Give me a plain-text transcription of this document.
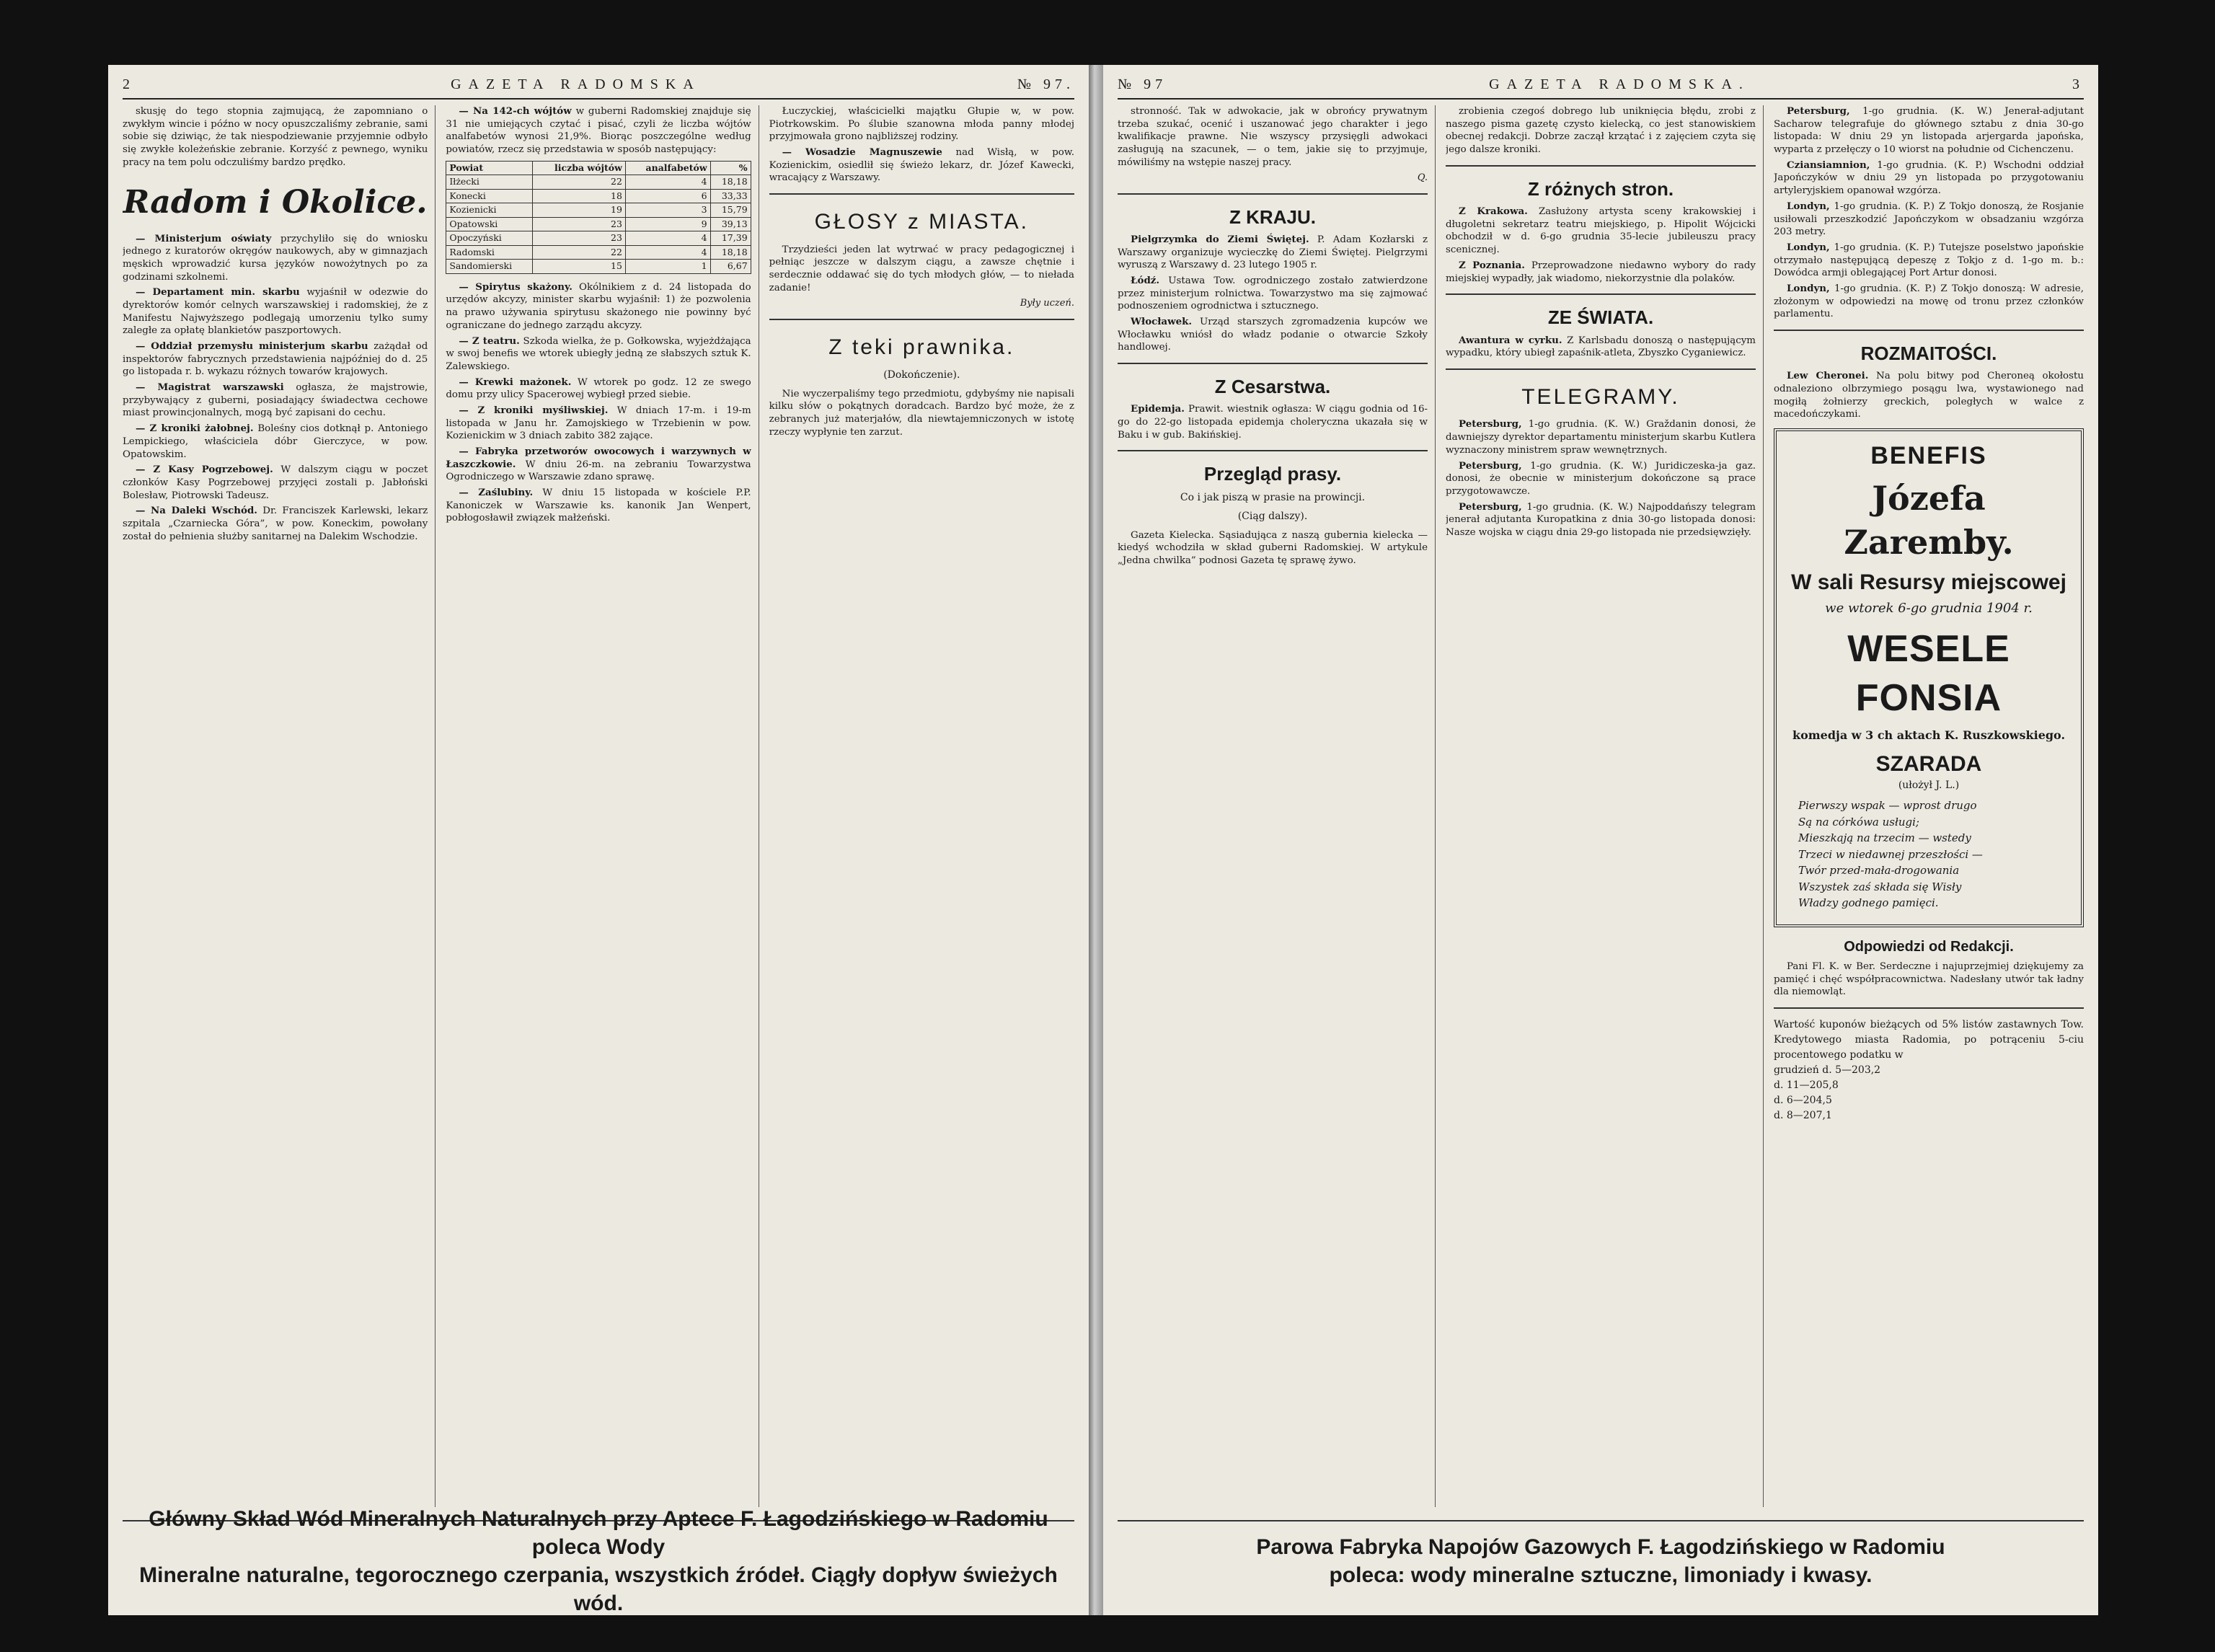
2	GAZETA RADOMSKA	№ 97.

skusję do tego stopnia zajmującą, że zapomniano o zwykłym wincie i późno w nocy opuszczaliśmy zebranie, sami sobie się dziwiąc, że tak niespodziewanie przyjemnie odbyło się zwykłe koleżeńskie zebranie. Korzyść z pewnego, wyniku pracy na tem polu odczuliśmy bardzo prędko.

Radom i Okolice.

— Ministerjum oświaty przychyliło się do wniosku jednego z kuratorów okręgów naukowych, aby w gimnazjach męskich wprowadzić kursa języków nowożytnych po za godzinami szkolnemi.

— Departament min. skarbu wyjaśnił w odezwie do dyrektorów komór celnych warszawskiej i radomskiej, że z Manifestu Najwyższego podlegają umorzeniu tylko sumy zaległe za opłatę blankietów paszportowych.

— Oddział przemysłu ministerjum skarbu zażądał od inspektorów fabrycznych przedstawienia najpóźniej do d. 25 go listopada r. b. wykazu różnych towarów krajowych.

— Magistrat warszawski ogłasza, że majstrowie, przybywający z guberni, posiadający świadectwa cechowe miast prowincjonalnych, mogą być zapisani do cechu.

— Z kroniki żałobnej. Boleśny cios dotknął p. Antoniego Lempickiego, właściciela dóbr Gierczyce, w pow. Opatowskim.

— Z Kasy Pogrzebowej. W dalszym ciągu w poczet członków Kasy Pogrzebowej przyjęci zostali p. Jabłoński Bolesław, Piotrowski Tadeusz.

— Na Daleki Wschód. Dr. Franciszek Karlewski, lekarz szpitala „Czarniecka Góra”, w pow. Koneckim, powołany został do pełnienia służby sanitarnej na Dalekim Wschodzie.

— Na 142-ch wójtów w guberni Radomskiej znajduje się 31 nie umiejących czytać i pisać, czyli że liczba wójtów analfabetów wynosi 21,9%. Biorąc poszczególne według powiatów, rzecz się przedstawia w sposób następujący:

Powiat	liczba wójtów	analfabetów	%
Iłżecki	22	4	18,18
Konecki	18	6	33,33
Kozienicki	19	3	15,79
Opatowski	23	9	39,13
Opoczyński	23	4	17,39
Radomski	22	4	18,18
Sandomierski	15	1	6,67

— Spirytus skażony. Okólnikiem z d. 24 listopada do urzędów akcyzy, minister skarbu wyjaśnił: 1) że pozwolenia na prawo używania spirytusu skażonego nie powinny być ograniczane do jednego zarządu akcyzy.

— Z teatru. Szkoda wielka, że p. Gołkowska, wyjeżdżająca w swoj benefis we wtorek ubiegły jedną ze słabszych sztuk K. Zalewskiego.

— Krewki mażonek. W wtorek po godz. 12 ze swego domu przy ulicy Spacerowej wybiegł przed siebie.

— Z kroniki myśliwskiej. W dniach 17-m. i 19-m listopada w Janu hr. Zamojskiego w Trzebienin w pow. Kozienickim w 3 dniach zabito 382 zające.

— Fabryka przetworów owocowych i warzywnych w Łaszczkowie. W dniu 26-m. na zebraniu Towarzystwa Ogrodniczego w Warszawie zdano sprawę.

— Zaślubiny. W dniu 15 listopada w kościele P.P. Kanoniczek w Warszawie ks. kanonik Jan Wenpert, pobłogosławił związek małżeński.

Łuczyckiej, właścicielki majątku Głupie w, w pow. Piotrkowskim. Po ślubie szanowna młoda panny młodej przyjmowała grono najbliższej rodziny.

— Wosadzie Magnuszewie nad Wisłą, w pow. Kozienickim, osiedlił się świeżo lekarz, dr. Józef Kawecki, wracający z Warszawy.

GŁOSY z MIASTA.

Trzydzieści jeden lat wytrwać w pracy pedagogicznej i pełniąc jeszcze w dalszym ciągu, a zawsze chętnie i serdecznie oddawać się do tych młodych głów, — to niełada zadanie!

Były uczeń.
Z teki prawnika.
(Dokończenie).

Nie wyczerpaliśmy tego przedmiotu, gdybyśmy nie napisali kilku słów o pokątnych doradcach. Bardzo być może, że z zebranych już materjałów, dla niewtajemniczonych w istotę rzeczy wypłynie ten zarzut.

Główny Skład Wód Mineralnych Naturalnych przy Aptece F. Łagodzińskiego w Radomiu poleca Wody
Mineralne naturalne, tegorocznego czerpania, wszystkich źródeł. Ciągły dopływ świeżych wód.
№ 97	GAZETA RADOMSKA.	3

stronność. Tak w adwokacie, jak w obrońcy prywatnym trzeba szukać, ocenić i uszanować jego charakter i jego kwalifikacje prawne. Nie wszyscy przysięgli adwokaci zasługują na szacunek, — o tem, jakie się to przyjmuje, mówiliśmy na wstępie naszej pracy.

Q.
Z KRAJU.

Pielgrzymka do Ziemi Świętej. P. Adam Kozłarski z Warszawy organizuje wycieczkę do Ziemi Świętej. Pielgrzymi wyruszą z Warszawy d. 23 lutego 1905 r.

Łódź. Ustawa Tow. ogrodniczego zostało zatwierdzone przez ministerjum rolnictwa. Towarzystwo ma się zajmować podnoszeniem ogrodnictwa i sztucznego.

Włocławek. Urząd starszych zgromadzenia kupców we Włocławku wniósł do władz podanie o otwarcie Szkoły handlowej.

Z Cesarstwa.

Epidemja. Prawit. wiestnik ogłasza: W ciągu godnia od 16-go do 22-go listopada epidemja choleryczna ukazała się w Baku i w gub. Bakińskiej.

Przegląd prasy.
Co i jak piszą w prasie na prowincji.
(Ciąg dalszy).

Gazeta Kielecka. Sąsiadująca z naszą gubernia kielecka — kiedyś wchodziła w skład guberni Radomskiej. W artykule „Jedna chwilka” podnosi Gazeta tę sprawę żywo.

zrobienia czegoś dobrego lub uniknięcia błędu, zrobi z naszego pisma gazetę czysto kielecką, co jest stanowiskiem obecnej redakcji. Dobrze zaczął krzątać i z zajęciem czyta się jego dalsze kroniki.

Z różnych stron.

Z Krakowa. Zasłużony artysta sceny krakowskiej i długoletni sekretarz teatru miejskiego, p. Hipolit Wójcicki obchodził w d. 6-go grudnia 35-lecie jubileuszu pracy scenicznej.

Z Poznania. Przeprowadzone niedawno wybory do rady miejskiej wypadły, jak wiadomo, niekorzystnie dla polaków.

ZE ŚWIATA.

Awantura w cyrku. Z Karlsbadu donoszą o następującym wypadku, który ubiegł zapaśnik-atleta, Zbyszko Cyganiewicz.

TELEGRAMY.

Petersburg, 1-go grudnia. (K. W.) Graždanin donosi, że dawniejszy dyrektor departamentu ministerjum skarbu Kutlera wyznaczony ministrem spraw wewnętrznych.

Petersburg, 1-go grudnia. (K. W.) Juridiczeska-ja gaz. donosi, że obecnie w ministerjum dokończone są prace przygotowawcze.

Petersburg, 1-go grudnia. (K. W.) Najpoddańszy telegram jenerał adjutanta Kuropatkina z dnia 30-go listopada donosi: Nasze wojska w ciągu dnia 29-go listopada nie przedsięwzięły.

Petersburg, 1-go grudnia. (K. W.) Jenerał-adjutant Sacharow telegrafuje do głównego sztabu z dnia 30-go listopada: W dniu 29 yn listopada arjergarda japońska, wyparta z przełęczy o 10 wiorst na południe od Cichenczenu.

Cziansiamnion, 1-go grudnia. (K. P.) Wschodni oddział Japończyków w dniu 29 yn listopada po przygotowaniu artyleryjskiem opanował wzgórza.

Londyn, 1-go grudnia. (K. P.) Z Tokjo donoszą, że Rosjanie usiłowali przeszkodzić Japończykom w obsadzaniu wzgórza 203 metry.

Londyn, 1-go grudnia. (K. P.) Tutejsze poselstwo japońskie otrzymało następującą depeszę z Tokjo z d. 1-go m. b.: Dowódca armji oblegającej Port Artur donosi.

Londyn, 1-go grudnia. (K. P.) Z Tokjo donoszą: W adresie, złożonym w odpowiedzi na mowę od tronu przez członków parlamentu.

ROZMAITOŚCI.

Lew Cheronei. Na polu bitwy pod Cheroneą okołostu odnaleziono olbrzymiego posągu lwa, wystawionego nad mogiłą żołnierzy greckich, poległych w walce z macedończykami.

BENEFIS
Józefa Zaremby.
W sali Resursy miejscowej
we wtorek 6-go grudnia 1904 r.
WESELE FONSIA
komedja w 3 ch aktach K. Ruszkowskiego.
SZARADA
(ułożył J. L.)
Pierwszy wspak — wprost drugo
Są na córkówa usługi;
Mieszkają na trzecim — wstedy
Trzeci w niedawnej przeszłości —
Twór przed-mała-drogowania
Wszystek zaś składa się Wisły
Władzy godnego pamięci.
Odpowiedzi od Redakcji.

Pani Fl. K. w Ber. Serdeczne i najuprzejmiej dziękujemy za pamięć i chęć współpracownictwa. Nadesłany utwór tak ładny dla niemowląt.

Wartość kuponów bieżących od 5% listów zastawnych Tow. Kredytowego miasta Radomia, po potrąceniu 5-ciu procentowego podatku w
grudzień d. 5—203,2
d. 11—205,8
d. 6—204,5
d. 8—207,1
Parowa Fabryka Napojów Gazowych F. Łagodzińskiego w Radomiu
poleca: wody mineralne sztuczne, limoniady i kwasy.
